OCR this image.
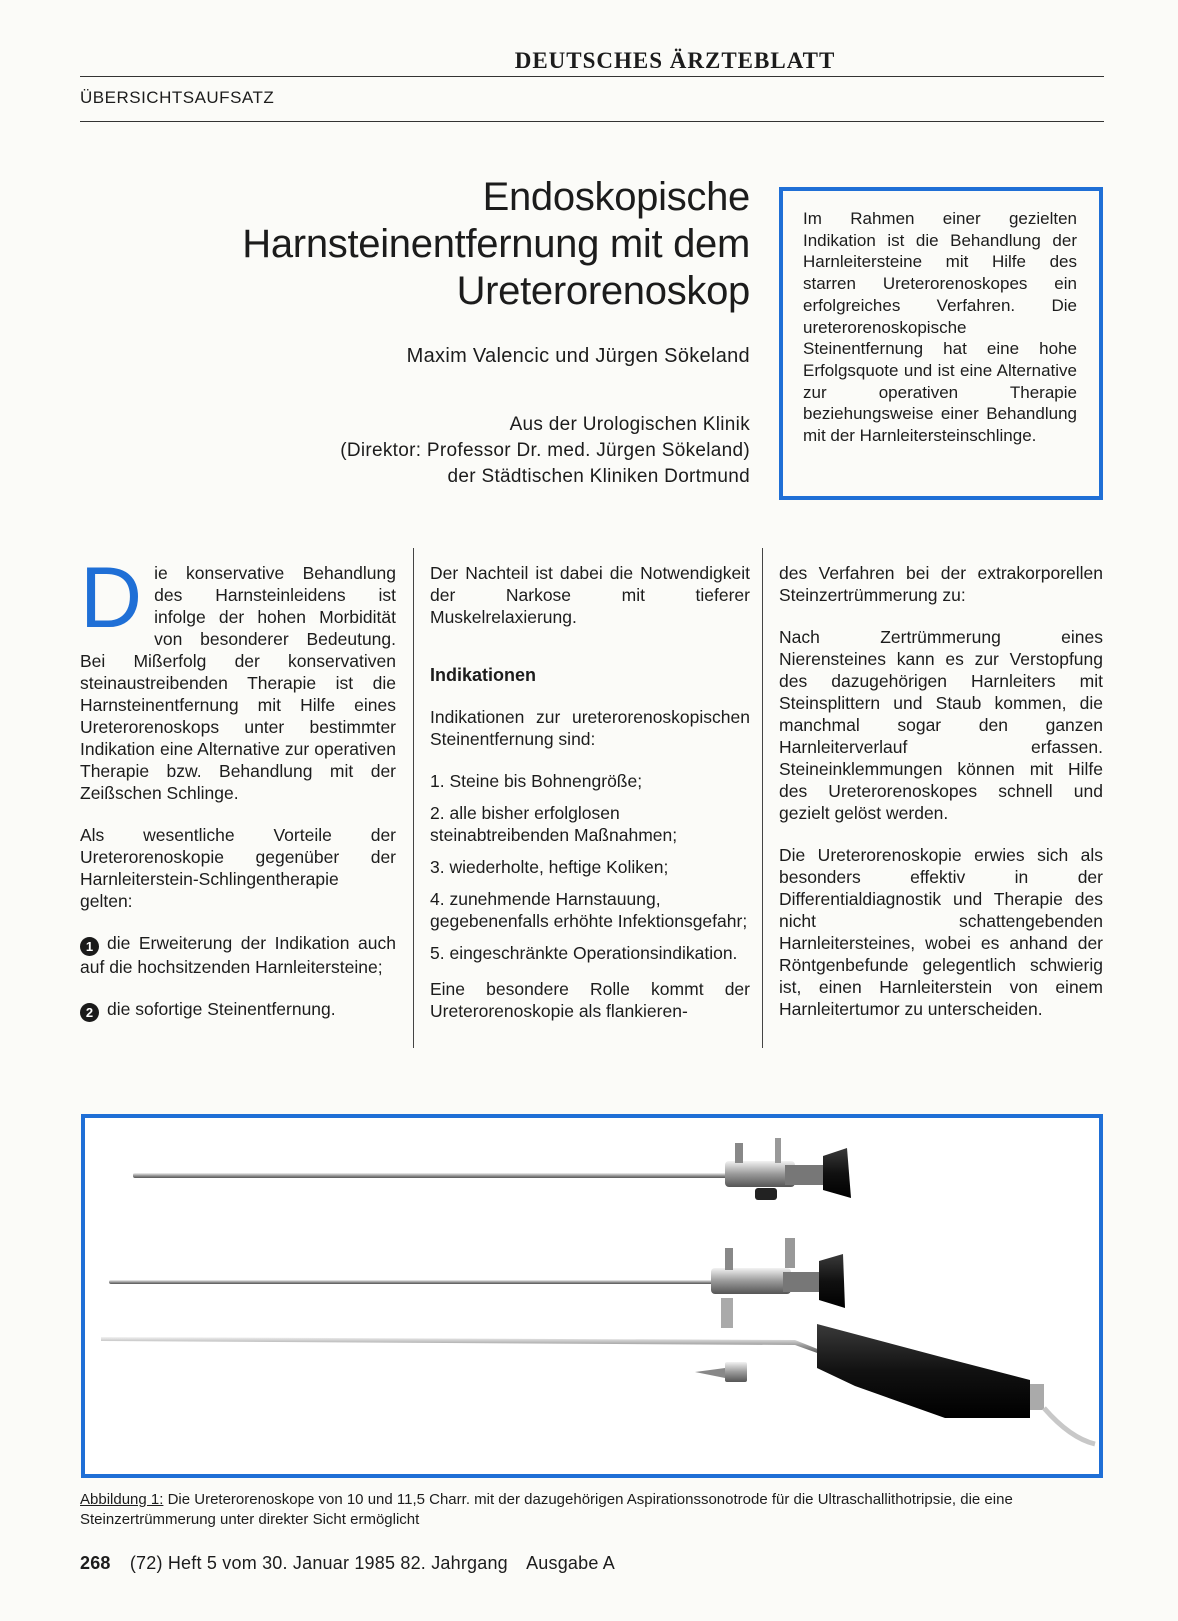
DEUTSCHES ÄRZTEBLATT
ÜBERSICHTSAUFSATZ
Endoskopische
Harnsteinentfernung mit dem
Ureterorenoskop
Maxim Valencic und Jürgen Sökeland
Aus der Urologischen Klinik
(Direktor: Professor Dr. med. Jürgen Sökeland)
der Städtischen Kliniken Dortmund
Im Rahmen einer gezielten Indikation ist die Behandlung der Harnleitersteine mit Hilfe des starren Ureterorenoskopes ein erfolgreiches Verfahren. Die ureterorenoskopische Steinentfernung hat eine hohe Erfolgsquote und ist eine Alternative zur operativen Therapie beziehungsweise einer Behandlung mit der Harnleitersteinschlinge.

D ie konservative Behandlung des Harnsteinleidens ist infolge der hohen Morbidität von besonderer Bedeutung. Bei Mißerfolg der konservativen steinaustreibenden Therapie ist die Harnsteinentfernung mit Hilfe eines Ureterorenoskops unter bestimmter Indikation eine Alternative zur operativen Therapie bzw. Behandlung mit der Zeißschen Schlinge.

Als wesentliche Vorteile der Ureterorenoskopie gegenüber der Harnleiterstein-Schlingentherapie gelten:

1 die Erweiterung der Indikation auch auf die hochsitzenden Harnleitersteine;

2 die sofortige Steinentfernung.

Der Nachteil ist dabei die Notwendigkeit der Narkose mit tieferer Muskelrelaxierung.

Indikationen

Indikationen zur ureterorenoskopischen Steinentfernung sind:

1. Steine bis Bohnengröße;
2. alle bisher erfolglosen steinabtreibenden Maßnahmen;
3. wiederholte, heftige Koliken;
4. zunehmende Harnstauung, gegebenenfalls erhöhte Infektionsgefahr;
5. eingeschränkte Operationsindikation.

Eine besondere Rolle kommt der Ureterorenoskopie als flankieren-

des Verfahren bei der extrakorporellen Steinzertrümmerung zu:

Nach Zertrümmerung eines Nierensteines kann es zur Verstopfung des dazugehörigen Harnleiters mit Steinsplittern und Staub kommen, die manchmal sogar den ganzen Harnleiterverlauf erfassen. Steineinklemmungen können mit Hilfe des Ureterorenoskopes schnell und gezielt gelöst werden.

Die Ureterorenoskopie erwies sich als besonders effektiv in der Differentialdiagnostik und Therapie des nicht schattengebenden Harnleitersteines, wobei es anhand der Röntgenbefunde gelegentlich schwierig ist, einen Harnleiterstein von einem Harnleitertumor zu unterscheiden.

Abbildung 1: Die Ureterorenoskope von 10 und 11,5 Charr. mit der dazugehörigen Aspirationssonotrode für die Ultraschallithotripsie, die eine Steinzertrümmerung unter direkter Sicht ermöglicht
268 (72) Heft 5 vom 30. Januar 1985 82. Jahrgang Ausgabe A
